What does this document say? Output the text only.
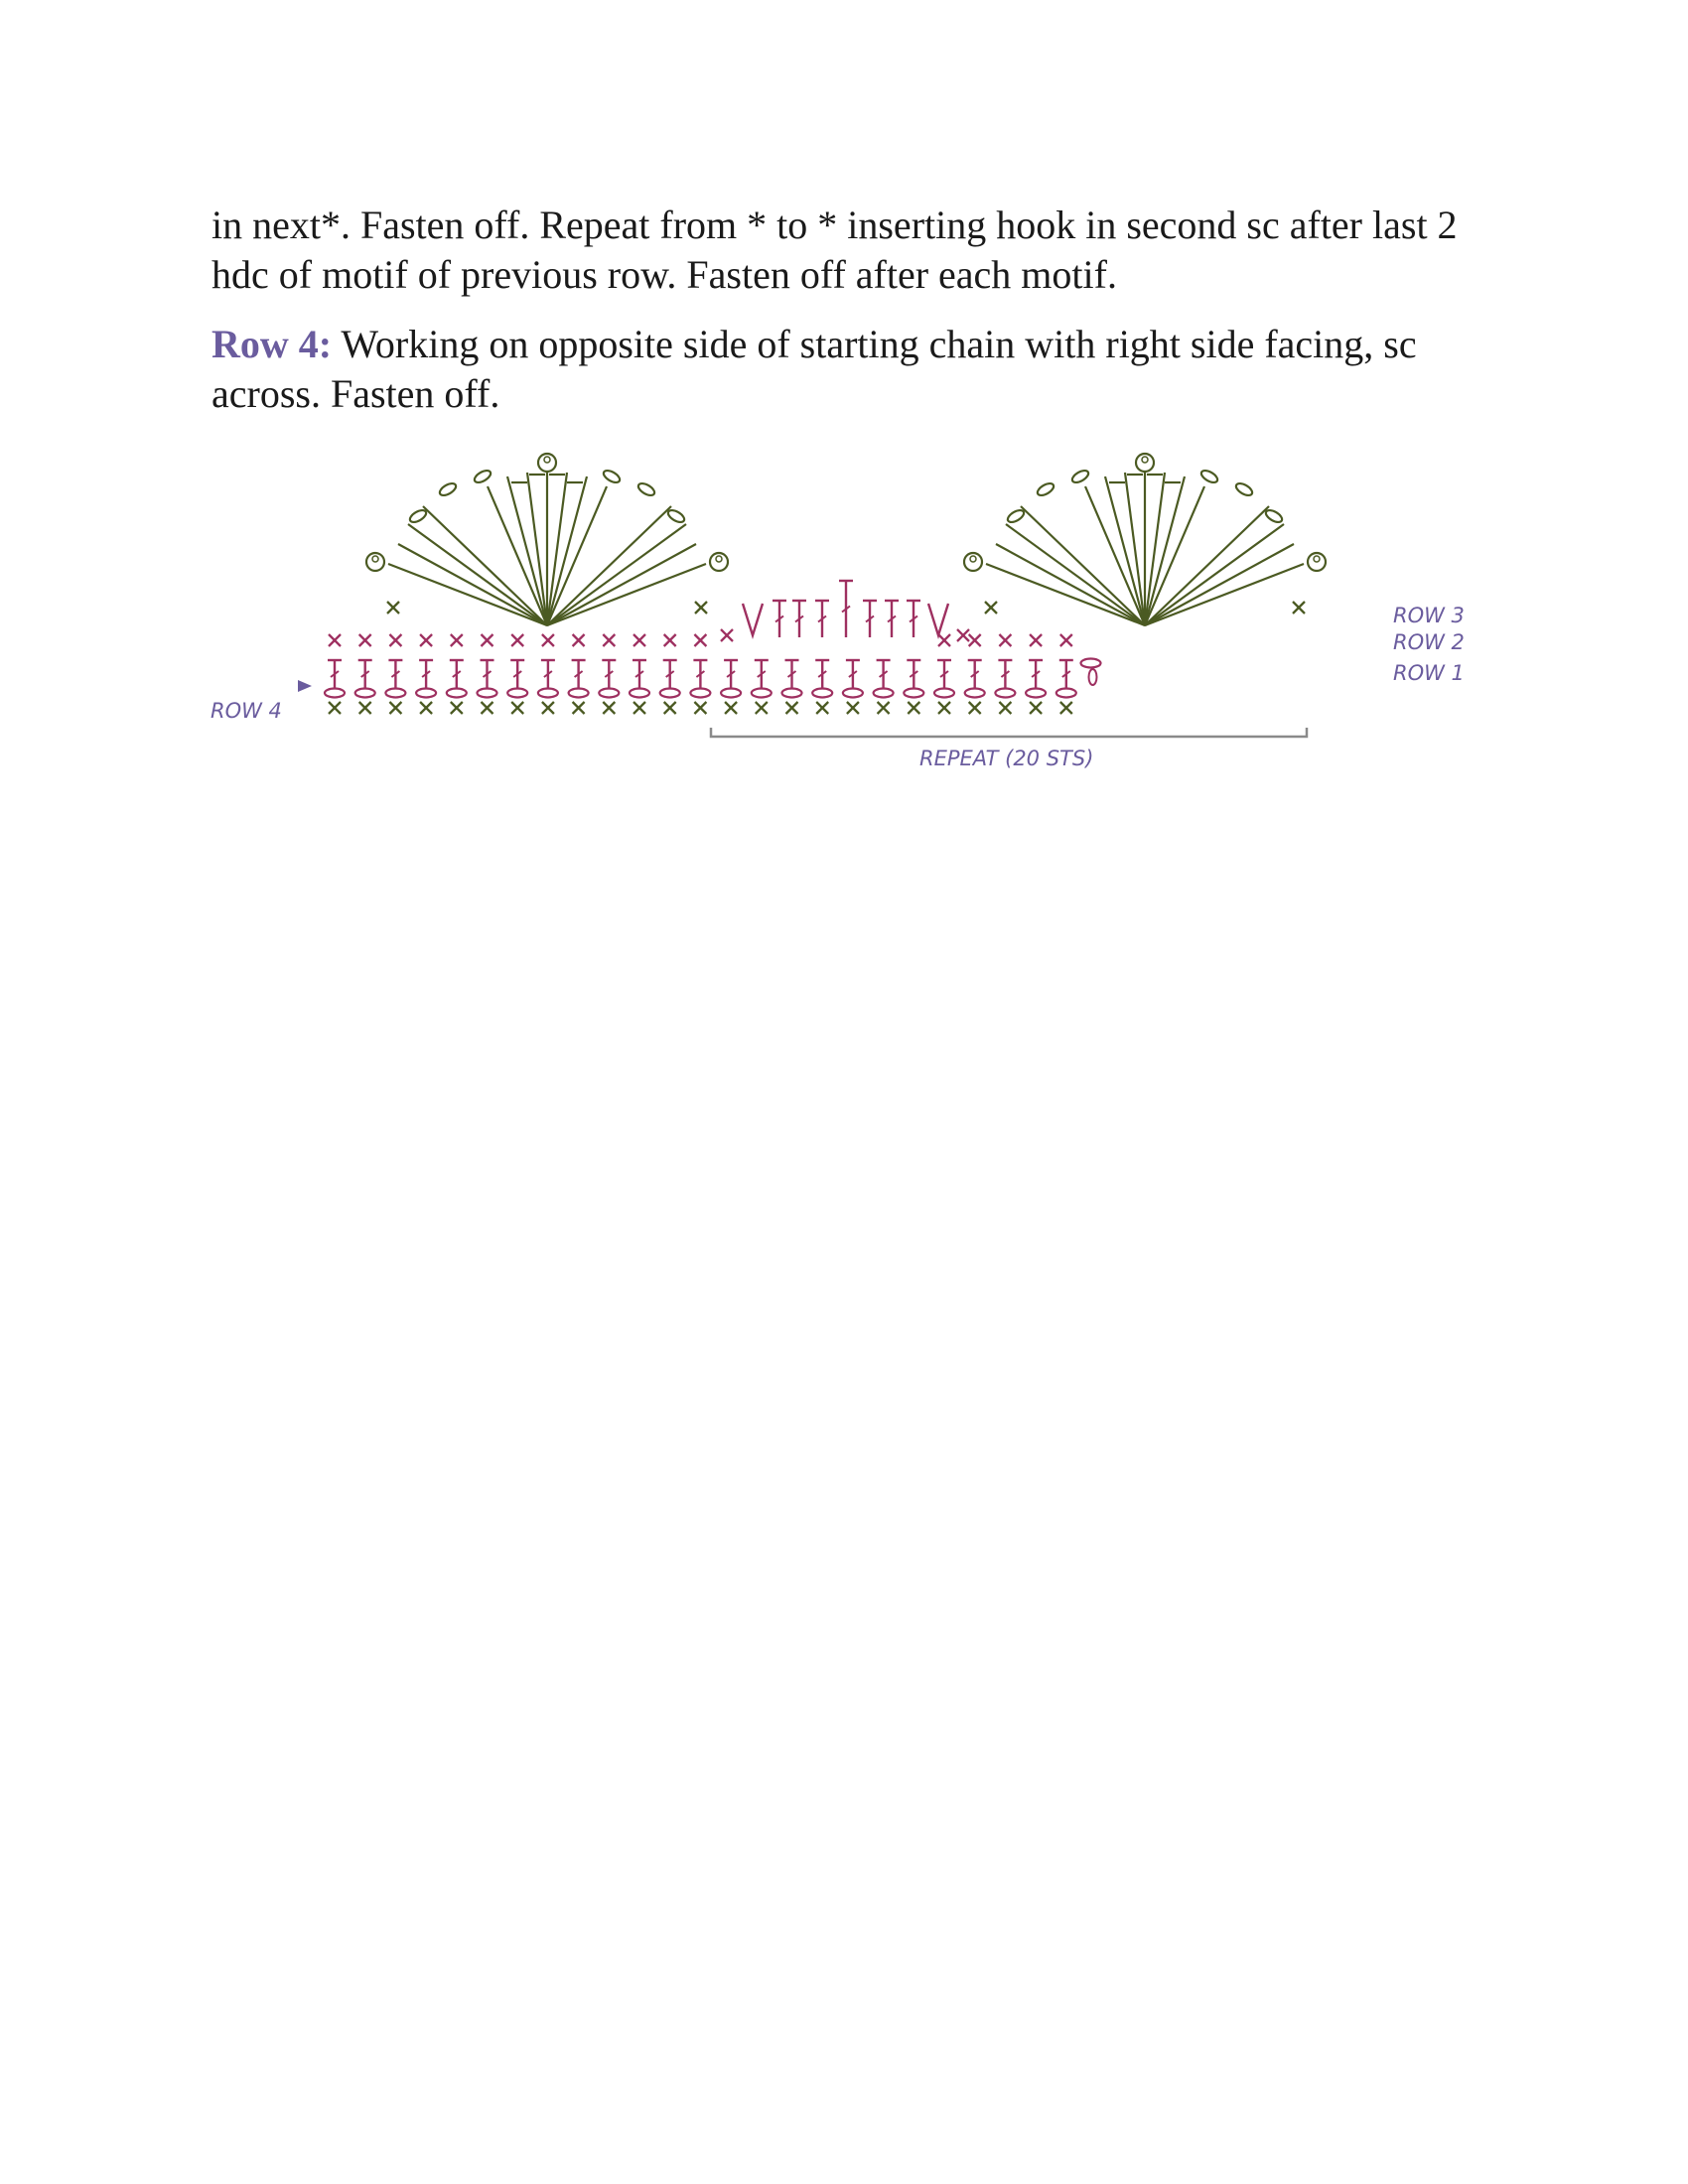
in next*. Fasten off. Repeat from * to * inserting hook in second sc after last 2 hdc of motif of previous row. Fasten off after each motif.

Row 4: Working on opposite side of starting chain with right side facing, sc across. Fasten off.

ROW 3
ROW 2
ROW 1
ROW 4
REPEAT (20 STS)
